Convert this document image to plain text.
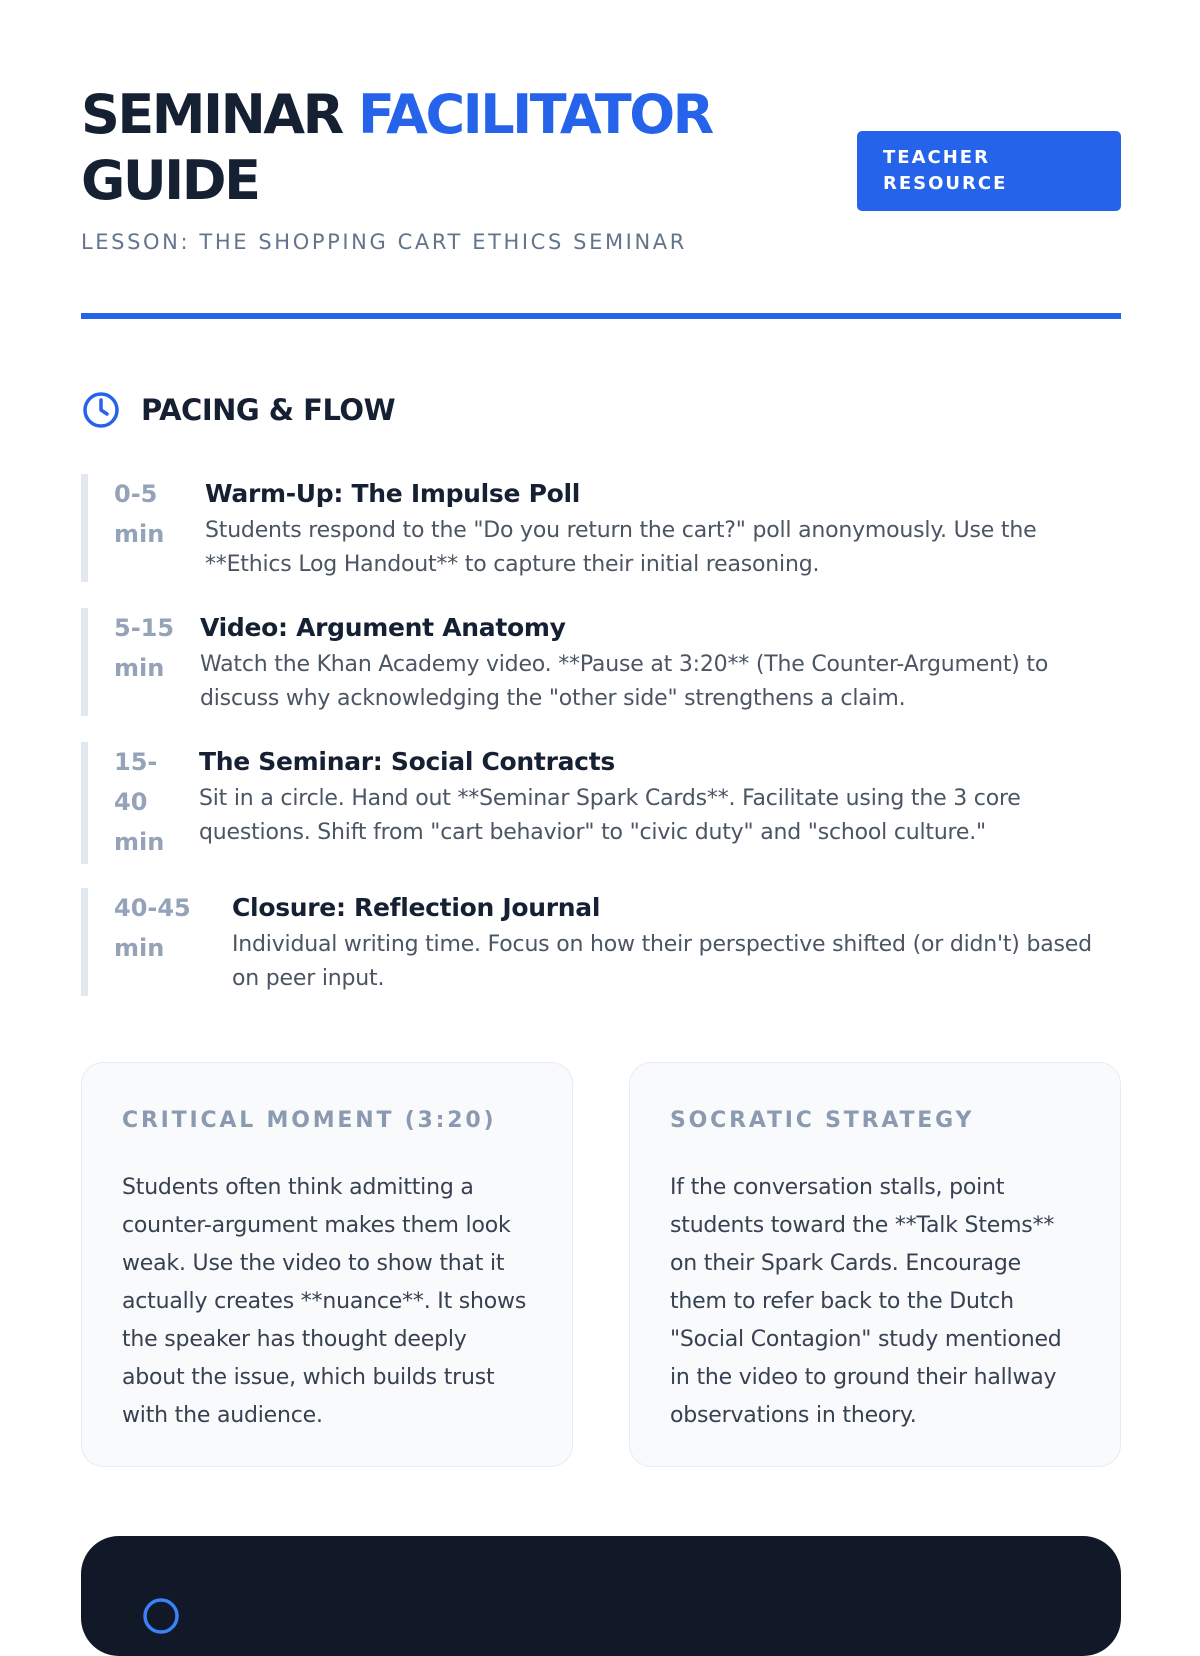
SEMINAR FACILITATOR
GUIDE
LESSON: THE SHOPPING CART ETHICS SEMINAR
TEACHER
RESOURCE
PACING & FLOW
0-5
min
Warm-Up: The Impulse Poll
Students respond to the "Do you return the cart?" poll anonymously. Use the **Ethics Log Handout** to capture their initial reasoning.
5-15
min
Video: Argument Anatomy
Watch the Khan Academy video. **Pause at 3:20** (The Counter-Argument) to discuss why acknowledging the "other side" strengthens a claim.
15-
40
min
The Seminar: Social Contracts
Sit in a circle. Hand out **Seminar Spark Cards**. Facilitate using the 3 core questions. Shift from "cart behavior" to "civic duty" and "school culture."
40-45
min
Closure: Reflection Journal
Individual writing time. Focus on how their perspective shifted (or didn't) based on peer input.
CRITICAL MOMENT (3:20)
Students often think admitting a counter-argument makes them look weak. Use the video to show that it actually creates **nuance**. It shows the speaker has thought deeply about the issue, which builds trust with the audience.
SOCRATIC STRATEGY
If the conversation stalls, point students toward the **Talk Stems** on their Spark Cards. Encourage them to refer back to the Dutch "Social Contagion" study mentioned in the video to ground their hallway observations in theory.
